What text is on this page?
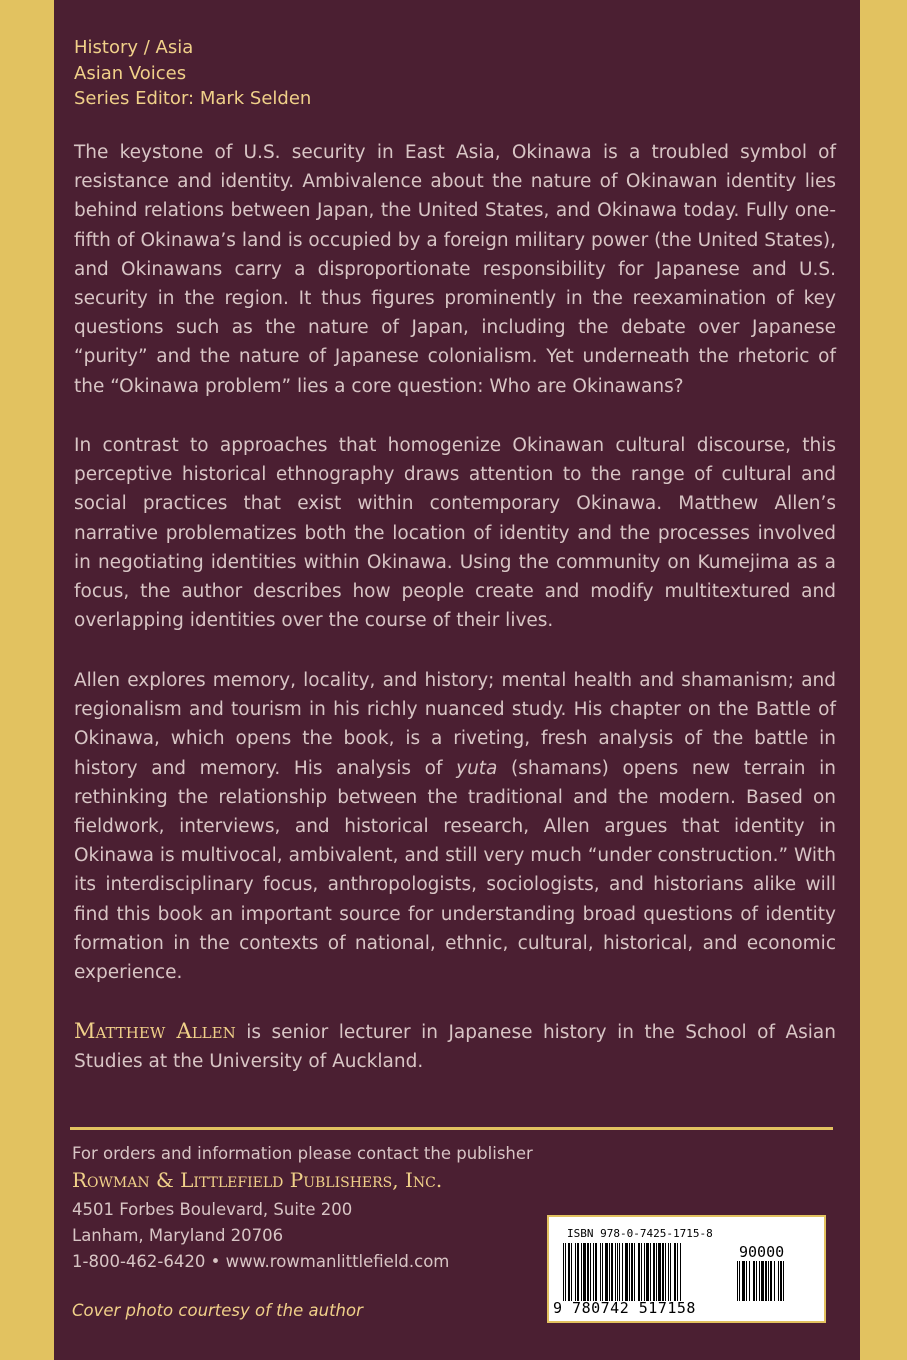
History / Asia
Asian Voices
Series Editor: Mark Selden

The keystone of U.S. security in East Asia, Okinawa is a troubled symbol of resistance and identity. Ambivalence about the nature of Okinawan identity lies behind relations between Japan, the United States, and Okinawa today. Fully one-fifth of Okinawa’s land is occupied by a foreign military power (the United States), and Okinawans carry a disproportionate responsibility for Japanese and U.S. security in the region. It thus figures prominently in the reexamination of key questions such as the nature of Japan, including the debate over Japanese “purity” and the nature of Japanese colonialism. Yet underneath the rhetoric of the “Okinawa problem” lies a core question: Who are Okinawans?

In contrast to approaches that homogenize Okinawan cultural discourse, this perceptive historical ethnography draws attention to the range of cultural and social practices that exist within contemporary Okinawa. Matthew Allen’s narrative problematizes both the location of identity and the processes involved in negotiating identities within Okinawa. Using the community on Kumejima as a focus, the author describes how people create and modify multitextured and overlapping identities over the course of their lives.

Allen explores memory, locality, and history; mental health and shamanism; and regionalism and tourism in his richly nuanced study. His chapter on the Battle of Okinawa, which opens the book, is a riveting, fresh analysis of the battle in history and memory. His analysis of yuta (shamans) opens new terrain in rethinking the relationship between the traditional and the modern. Based on fieldwork, interviews, and historical research, Allen argues that identity in Okinawa is multivocal, ambivalent, and still very much “under construction.” With its interdisciplinary focus, anthropologists, sociologists, and historians alike will find this book an important source for understanding broad questions of identity formation in the contexts of national, ethnic, cultural, historical, and economic experience.

Matthew Allen is senior lecturer in Japanese history in the School of Asian Studies at the University of Auckland.

For orders and information please contact the publisher
Rowman & Littlefield Publishers, Inc.
4501 Forbes Boulevard, Suite 200
Lanham, Maryland 20706
1-800-462-6420 • www.rowmanlittlefield.com
Cover photo courtesy of the author
ISBN 978-0-7425-1715-8
90000
9 780742 517158
